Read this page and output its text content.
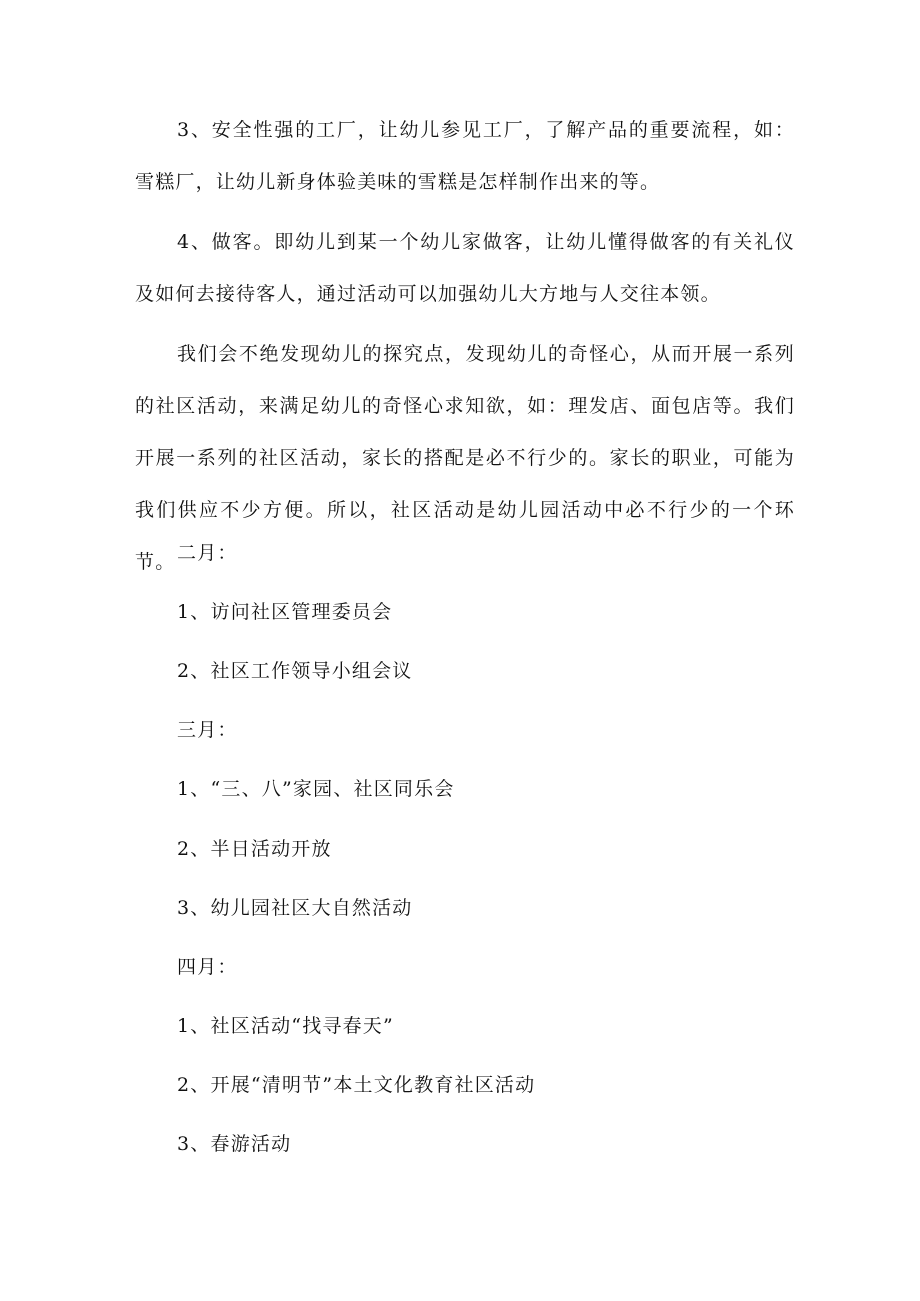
3、安全性强的工厂，让幼儿参见工厂，了解产品的重要流程，如：雪糕厂，让幼儿新身体验美味的雪糕是怎样制作出来的等。

4、做客。即幼儿到某一个幼儿家做客，让幼儿懂得做客的有关礼仪及如何去接待客人，通过活动可以加强幼儿大方地与人交往本领。

我们会不绝发现幼儿的探究点，发现幼儿的奇怪心，从而开展一系列的社区活动，来满足幼儿的奇怪心求知欲，如：理发店、面包店等。我们开展一系列的社区活动，家长的搭配是必不行少的。家长的职业，可能为我们供应不少方便。所以，社区活动是幼儿园活动中必不行少的一个环节。 二月：

1、访问社区管理委员会

2、社区工作领导小组会议

三月：

1、“三、八”家园、社区同乐会

2、半日活动开放

3、幼儿园社区大自然活动

四月：

1、社区活动“找寻春天”

2、开展“清明节”本土文化教育社区活动

3、春游活动
